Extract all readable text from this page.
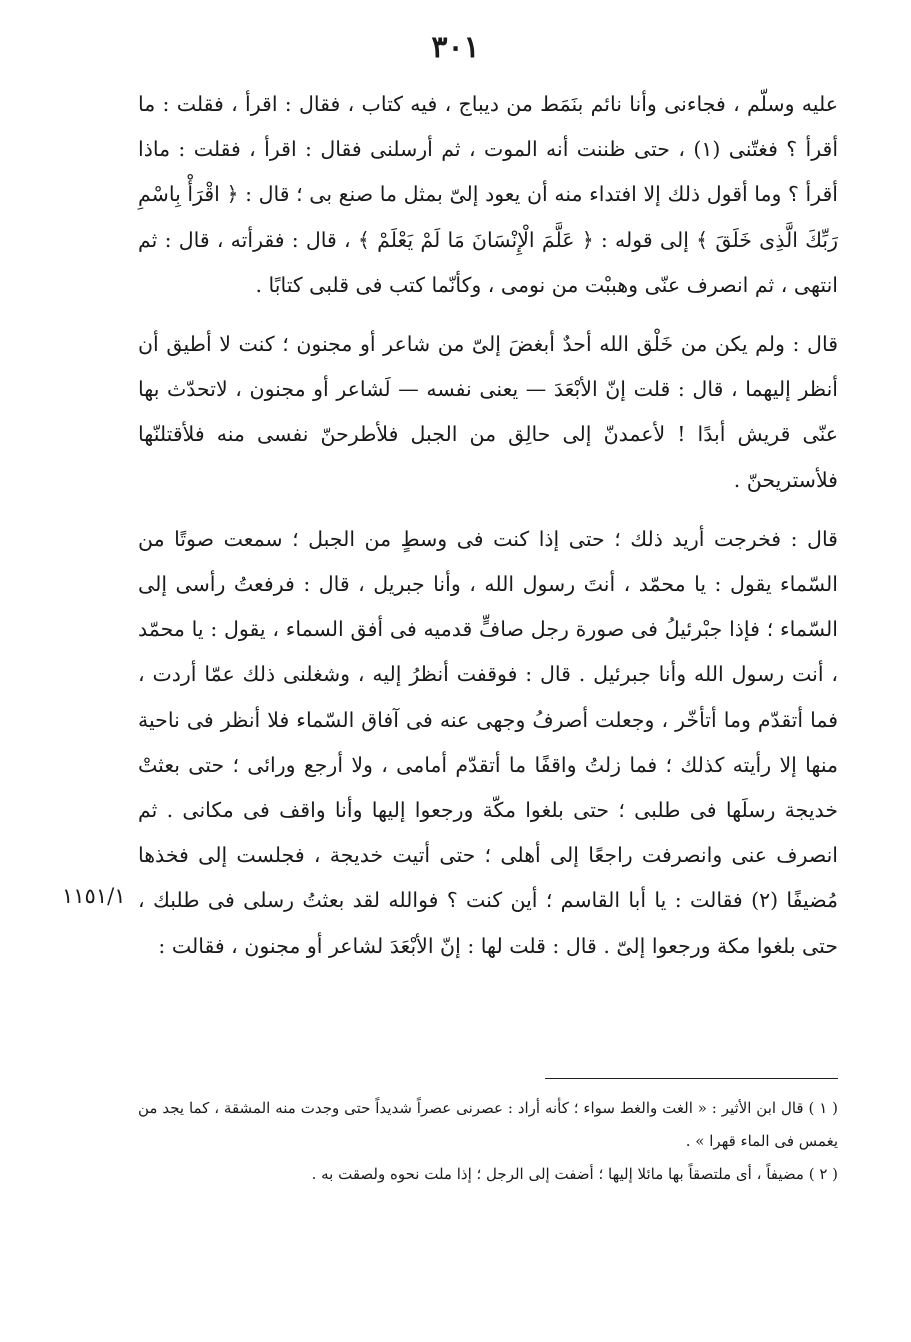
٣٠١
١١٥١/١

عليه وسلّم ، فجاءنى وأنا نائم بنَمَط من ديباج ، فيه كتاب ، فقال : اقرأ ، فقلت : ما أقرأ ؟ فغتّنى (١) ، حتى ظننت أنه الموت ، ثم أرسلنى فقال : اقرأ ، فقلت : ماذا أقرأ ؟ وما أقول ذلك إلا افتداء منه أن يعود إلىّ بمثل ما صنع بى ؛ قال : ﴿ اقْرَأْ بِاسْمِ رَبِّكَ الَّذِى خَلَقَ ﴾ إلى قوله : ﴿ عَلَّمَ الْإِنْسَانَ مَا لَمْ يَعْلَمْ ﴾ ، قال : فقرأته ، قال : ثم انتهى ، ثم انصرف عنّى وهببْت من نومى ، وكأنّما كتب فى قلبى كتابًا .

قال : ولم يكن من خَلْق الله أحدٌ أبغضَ إلىّ من شاعر أو مجنون ؛ كنت لا أطيق أن أنظر إليهما ، قال : قلت إنّ الأبْعَدَ — يعنى نفسه — لَشاعر أو مجنون ، لاتحدّث بها عنّى قريش أبدًا ! لأعمدنّ إلى حالِق من الجبل فلأطرحنّ نفسى منه فلأقتلنّها فلأستريحنّ .

قال : فخرجت أريد ذلك ؛ حتى إذا كنت فى وسطٍ من الجبل ؛ سمعت صوتًا من السّماء يقول : يا محمّد ، أنتَ رسول الله ، وأنا جبريل ، قال : فرفعتُ رأسى إلى السّماء ؛ فإذا جبْرئيلُ فى صورة رجل صافٍّ قدميه فى أفق السماء ، يقول : يا محمّد ، أنت رسول الله وأنا جبرئيل . قال : فوقفت أنظرُ إليه ، وشغلنى ذلك عمّا أردت ، فما أتقدّم وما أتأخّر ، وجعلت أصرفُ وجهى عنه فى آفاق السّماء فلا أنظر فى ناحية منها إلا رأيته كذلك ؛ فما زلتُ واقفًا ما أتقدّم أمامى ، ولا أرجع ورائى ؛ حتى بعثتْ خديجة رسلَها فى طلبى ؛ حتى بلغوا مكّة ورجعوا إليها وأنا واقف فى مكانى . ثم انصرف عنى وانصرفت راجعًا إلى أهلى ؛ حتى أتيت خديجة ، فجلست إلى فخذها مُضيفًا (٢) فقالت : يا أبا القاسم ؛ أين كنت ؟ فوالله لقد بعثتُ رسلى فى طلبك ، حتى بلغوا مكة ورجعوا إلىّ . قال : قلت لها : إنّ الأبْعَدَ لشاعر أو مجنون ، فقالت :

( ١ ) قال ابن الأثير : « الغت والغط سواء ؛ كأنه أراد : عصرنى عصراً شديداً حتى وجدت منه المشقة ، كما يجد من يغمس فى الماء قهرا » .

( ٢ ) مضيفاً ، أى ملتصقاً بها مائلا إليها ؛ أضفت إلى الرجل ؛ إذا ملت نحوه ولصقت به .
